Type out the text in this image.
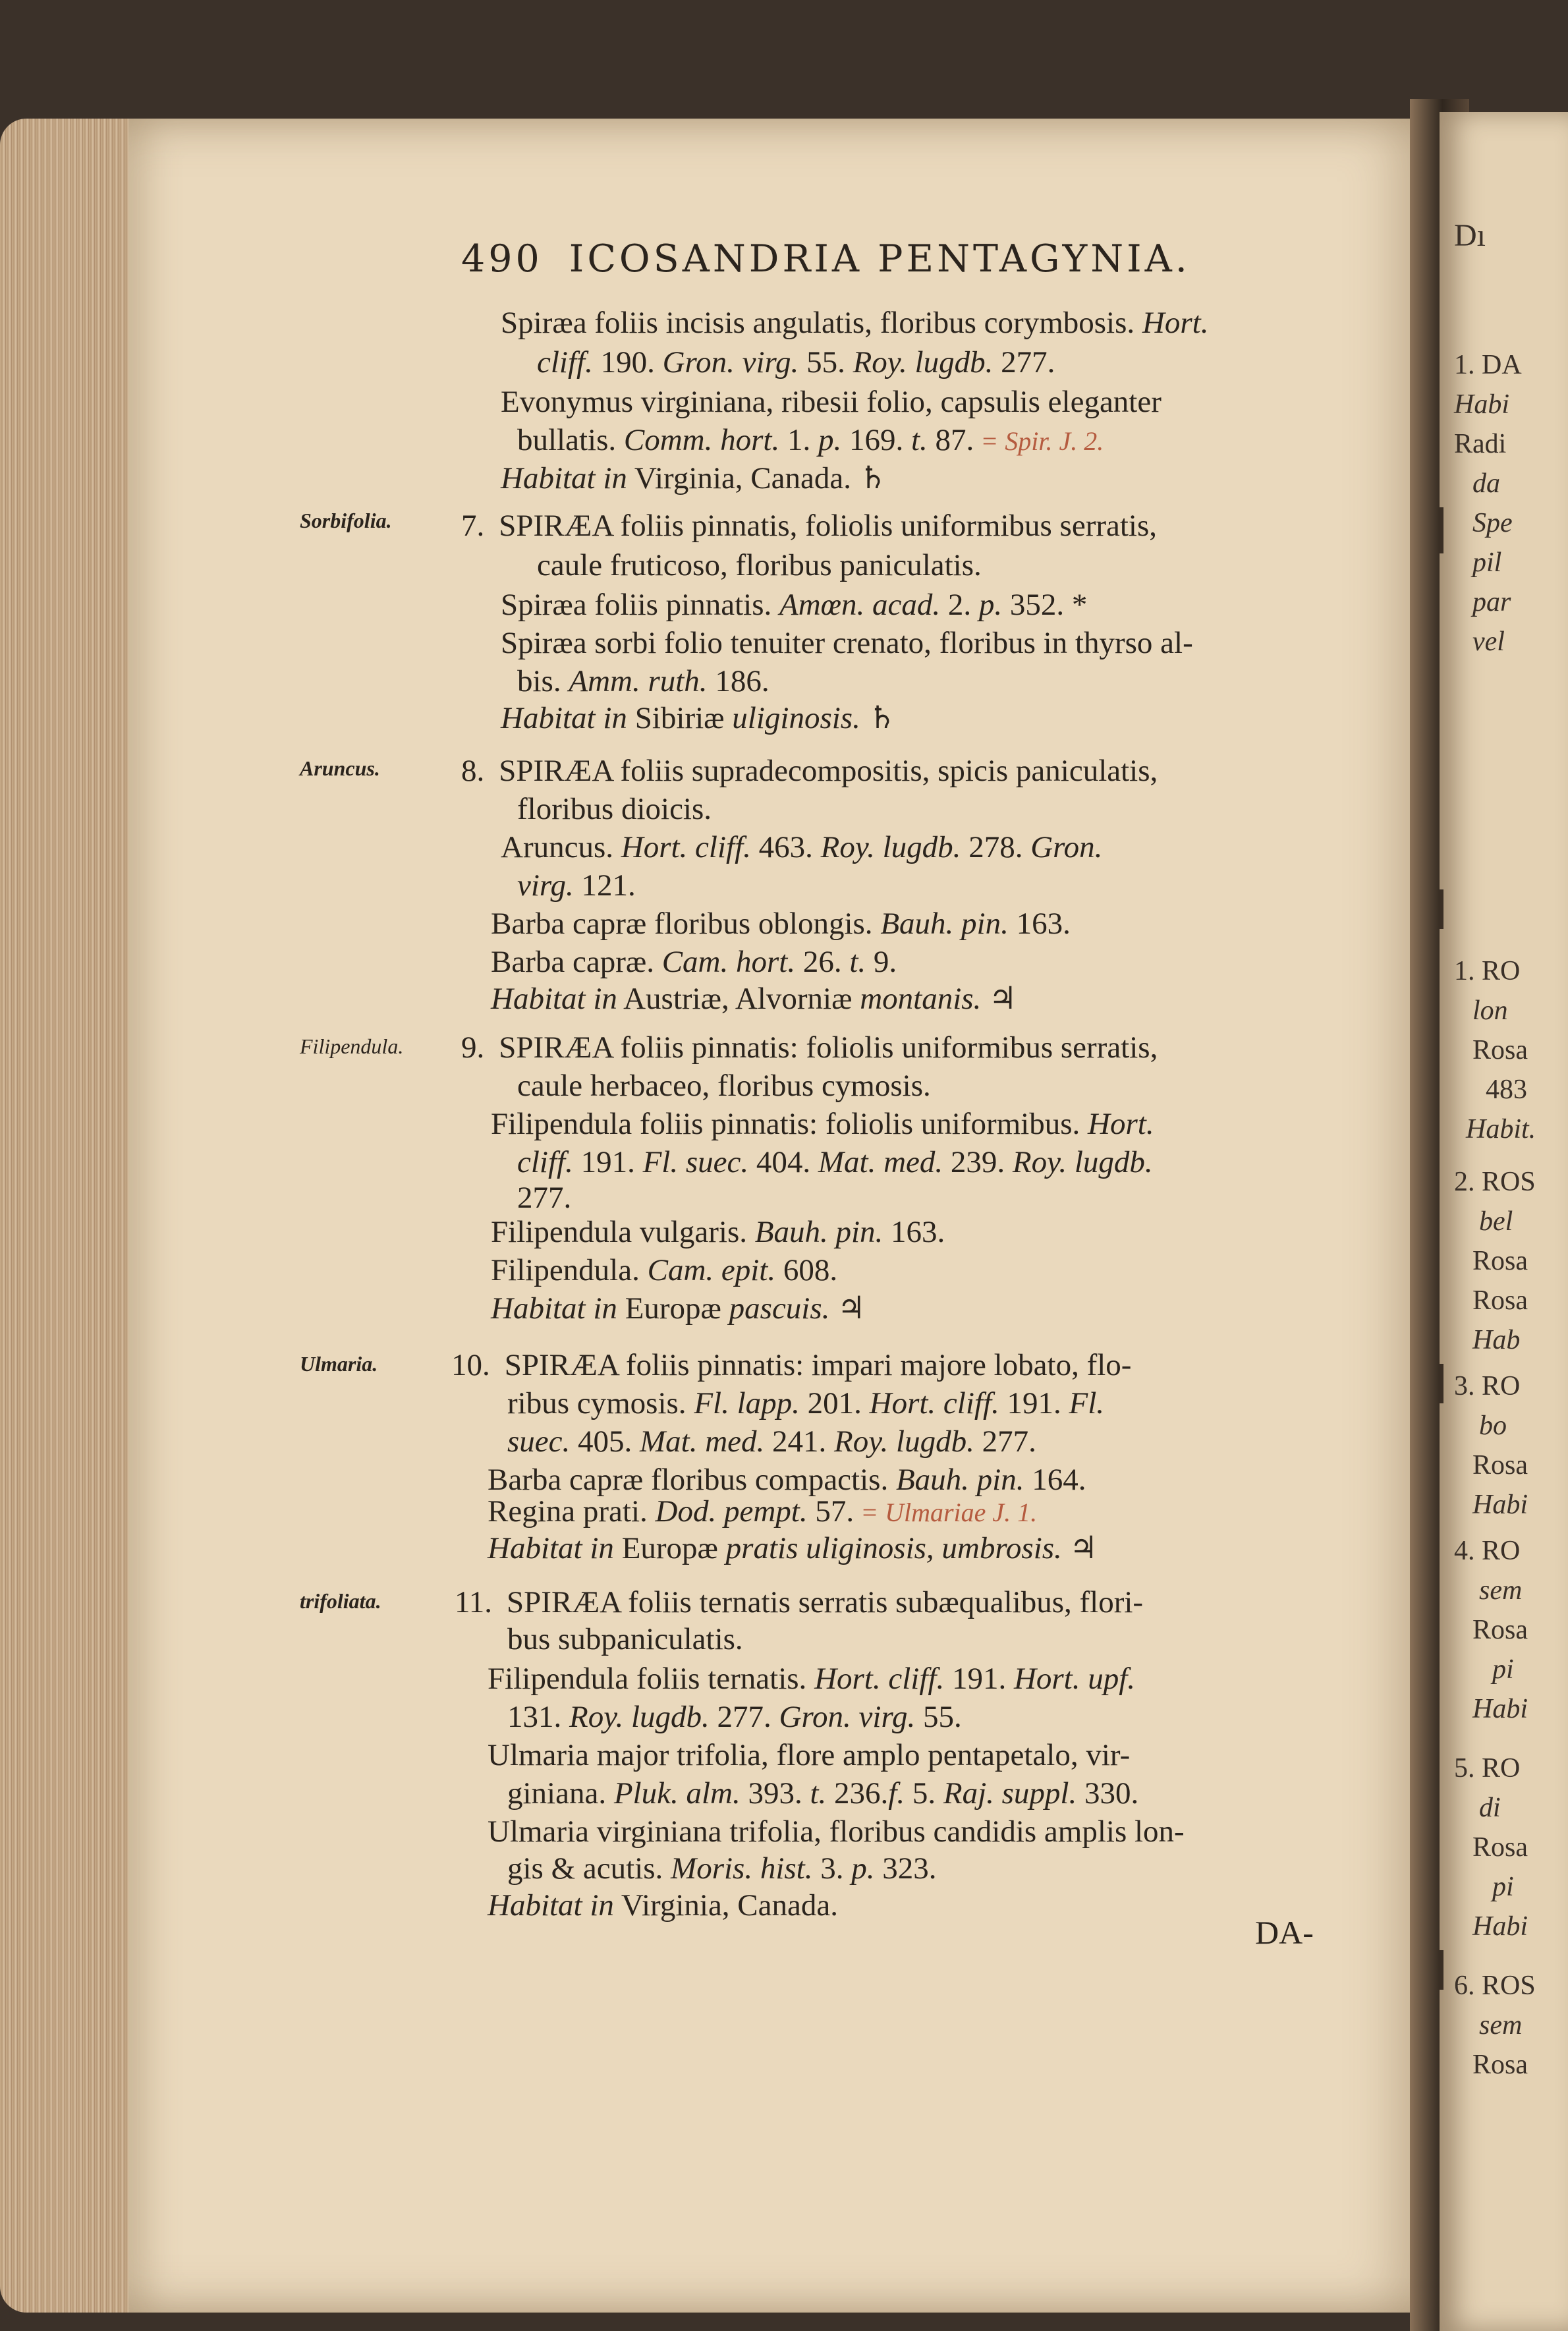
Dı
1. DA
Habi
Radi
da
Spe
pil
par
vel
1. RO
lon
Rosa
483
Habit.
2. ROS
bel
Rosa
Rosa
Hab
3. RO
bo
Rosa
Habi
4. RO
sem
Rosa
pi
Habi
5. RO
di
Rosa
pi
Habi
6. ROS
sem
Rosa
490 ICOSANDRIA PENTAGYNIA.
Spiræa foliis incisis angulatis, floribus corymbosis. Hort.
cliff. 190. Gron. virg. 55. Roy. lugdb. 277.
Evonymus virginiana, ribesii folio, capsulis eleganter
bullatis. Comm. hort. 1. p. 169. t. 87. = Spir. J. 2.
Habitat in Virginia, Canada. ♄
Sorbifolia. 7. SPIRÆA foliis pinnatis, foliolis uniformibus serratis,
caule fruticoso, floribus paniculatis.
Spiræa foliis pinnatis. Amœn. acad. 2. p. 352. *
Spiræa sorbi folio tenuiter crenato, floribus in thyrso al-
bis. Amm. ruth. 186.
Habitat in Sibiriæ uliginosis. ♄
Aruncus.	8. SPIRÆA foliis supradecompositis, spicis paniculatis,
floribus dioicis.
Aruncus. Hort. cliff. 463. Roy. lugdb. 278. Gron.
virg. 121.
Barba capræ floribus oblongis. Bauh. pin. 163.
Barba capræ. Cam. hort. 26. t. 9.
Habitat in Austriæ, Alvorniæ montanis. ♃
Filipendula. 9. SPIRÆA foliis pinnatis: foliolis uniformibus serratis,
caule herbaceo, floribus cymosis.
Filipendula foliis pinnatis: foliolis uniformibus. Hort.
cliff. 191. Fl. suec. 404. Mat. med. 239. Roy. lugdb.
277.
Filipendula vulgaris. Bauh. pin. 163.
Filipendula. Cam. epit. 608.
Habitat in Europæ pascuis. ♃
Ulmaria. 10. SPIRÆA foliis pinnatis: impari majore lobato, flo-
ribus cymosis. Fl. lapp. 201. Hort. cliff. 191. Fl.
suec. 405. Mat. med. 241. Roy. lugdb. 277.
Barba capræ floribus compactis. Bauh. pin. 164.
Regina prati. Dod. pempt. 57. = Ulmariae J. 1.
Habitat in Europæ pratis uliginosis, umbrosis. ♃
trifoliata. 11. SPIRÆA foliis ternatis serratis subæqualibus, flori-
bus subpaniculatis.
Filipendula foliis ternatis. Hort. cliff. 191. Hort. upf.
131. Roy. lugdb. 277. Gron. virg. 55.
Ulmaria major trifolia, flore amplo pentapetalo, vir-
giniana. Pluk. alm. 393. t. 236.f. 5. Raj. suppl. 330.
Ulmaria virginiana trifolia, floribus candidis amplis lon-
gis & acutis. Moris. hist. 3. p. 323.
Habitat in Virginia, Canada.
DA-
